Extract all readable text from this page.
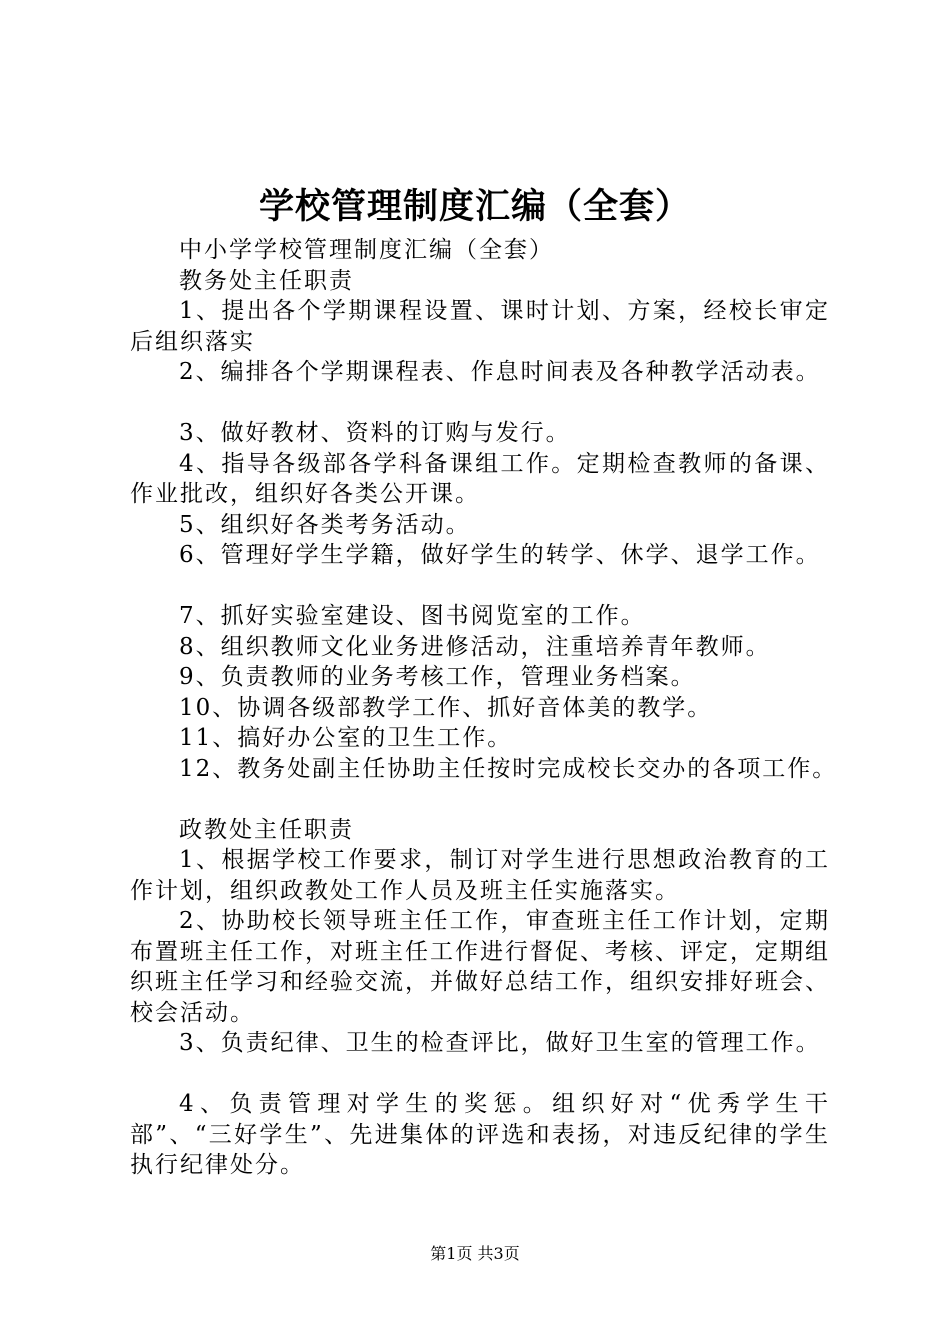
学校管理制度汇编（全套）

中小学学校管理制度汇编（全套）

教务处主任职责

1、提出各个学期课程设置、课时计划、方案，经校长审定后组织落实

2、编排各个学期课程表、作息时间表及各种教学活动表。

3、做好教材、资料的订购与发行。

4、指导各级部各学科备课组工作。定期检查教师的备课、作业批改，组织好各类公开课。

5、组织好各类考务活动。

6、管理好学生学籍，做好学生的转学、休学、退学工作。

7、抓好实验室建设、图书阅览室的工作。

8、组织教师文化业务进修活动，注重培养青年教师。

9、负责教师的业务考核工作，管理业务档案。

10、协调各级部教学工作、抓好音体美的教学。

11、搞好办公室的卫生工作。

12、教务处副主任协助主任按时完成校长交办的各项工作。

政教处主任职责

1、根据学校工作要求，制订对学生进行思想政治教育的工作计划，组织政教处工作人员及班主任实施落实。

2、协助校长领导班主任工作，审查班主任工作计划，定期布置班主任工作，对班主任工作进行督促、考核、评定，定期组织班主任学习和经验交流，并做好总结工作，组织安排好班会、校会活动。

3、负责纪律、卫生的检查评比，做好卫生室的管理工作。

4、负责管理对学生的奖惩。组织好对“优秀学生干部”、“三好学生”、先进集体的评选和表扬，对违反纪律的学生执行纪律处分。

第1页 共3页
